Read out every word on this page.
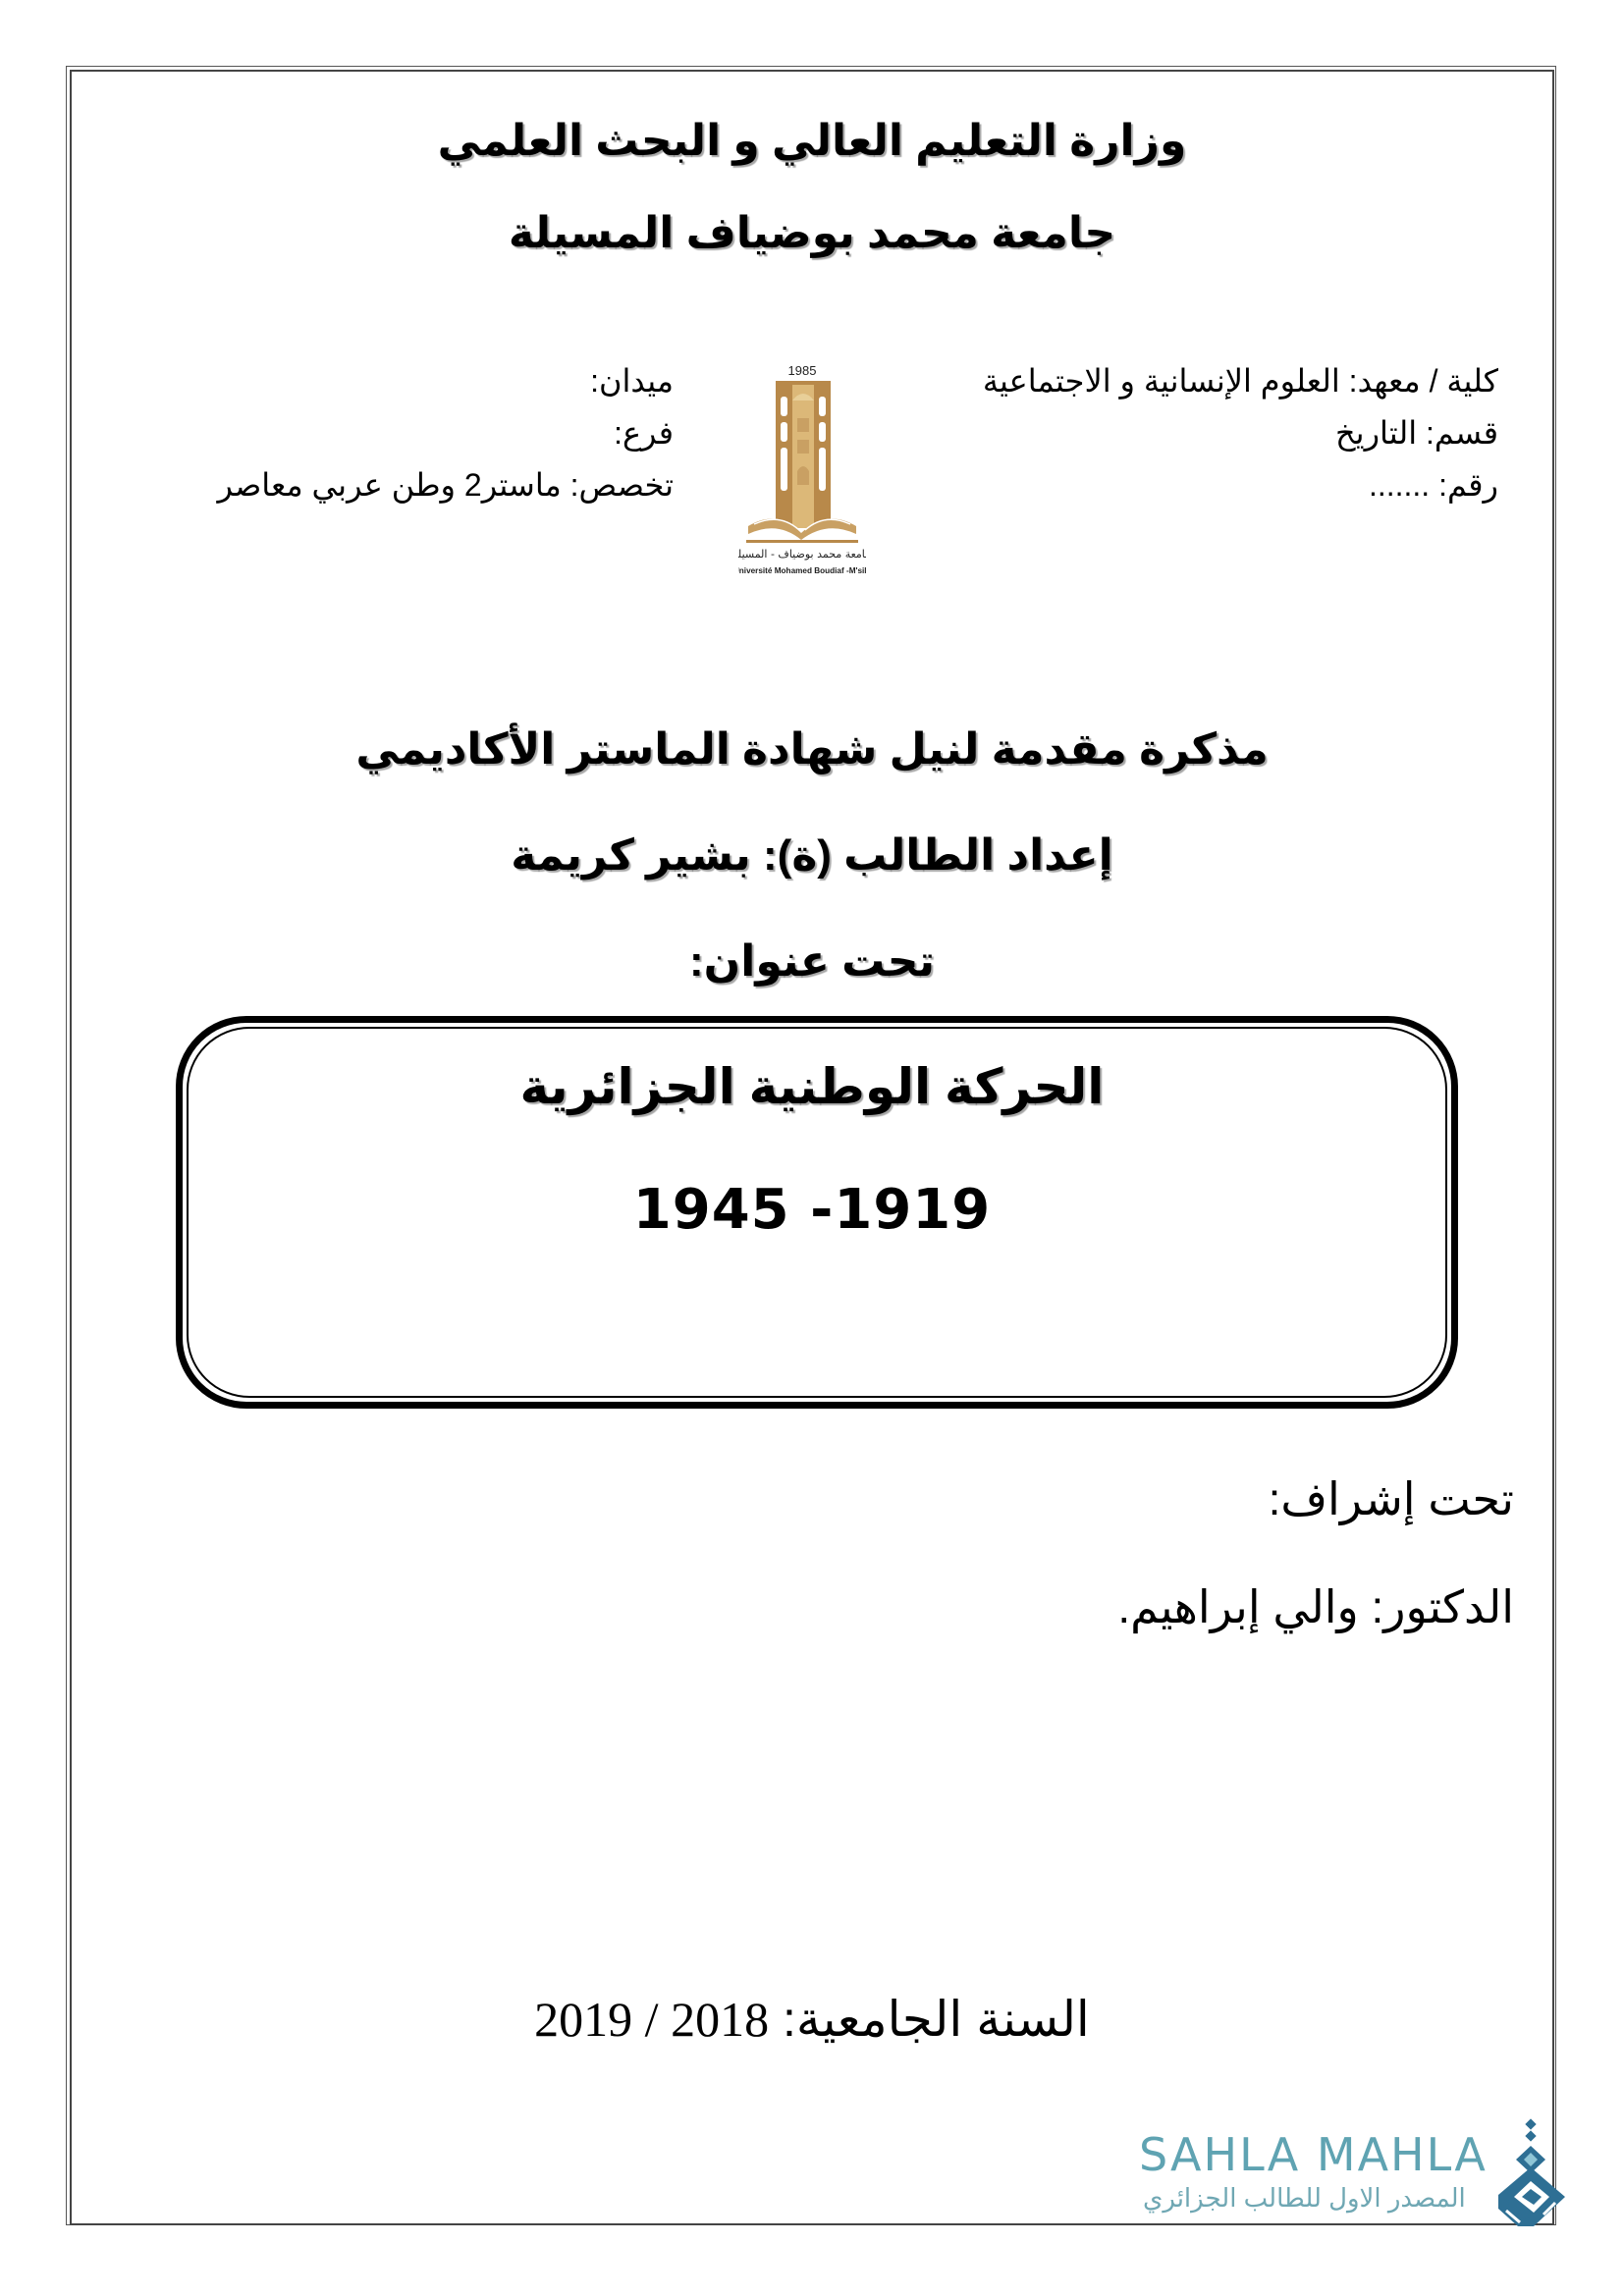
وزارة التعليم العالي و البحث العلمي
جامعة محمد بوضياف المسيلة
كلية / معهد: العلوم الإنسانية و الاجتماعية
قسم: التاريخ
رقم: .......
1985
جامعة محمد بوضياف - المسيلة
Université Mohamed Boudiaf -M'sila
ميدان:
فرع:
تخصص: ماستر2 وطن عربي معاصر
مذكرة مقدمة لنيل شهادة الماستر الأكاديمي
إعداد الطالب (ة): بشير كريمة
تحت عنوان:
الحركة الوطنية الجزائرية
1919- 1945
تحت إشراف:
الدكتور: والي إبراهيم.
السنة الجامعية: 2018 / 2019
SAHLA MAHLA
المصدر الاول للطالب الجزائري
